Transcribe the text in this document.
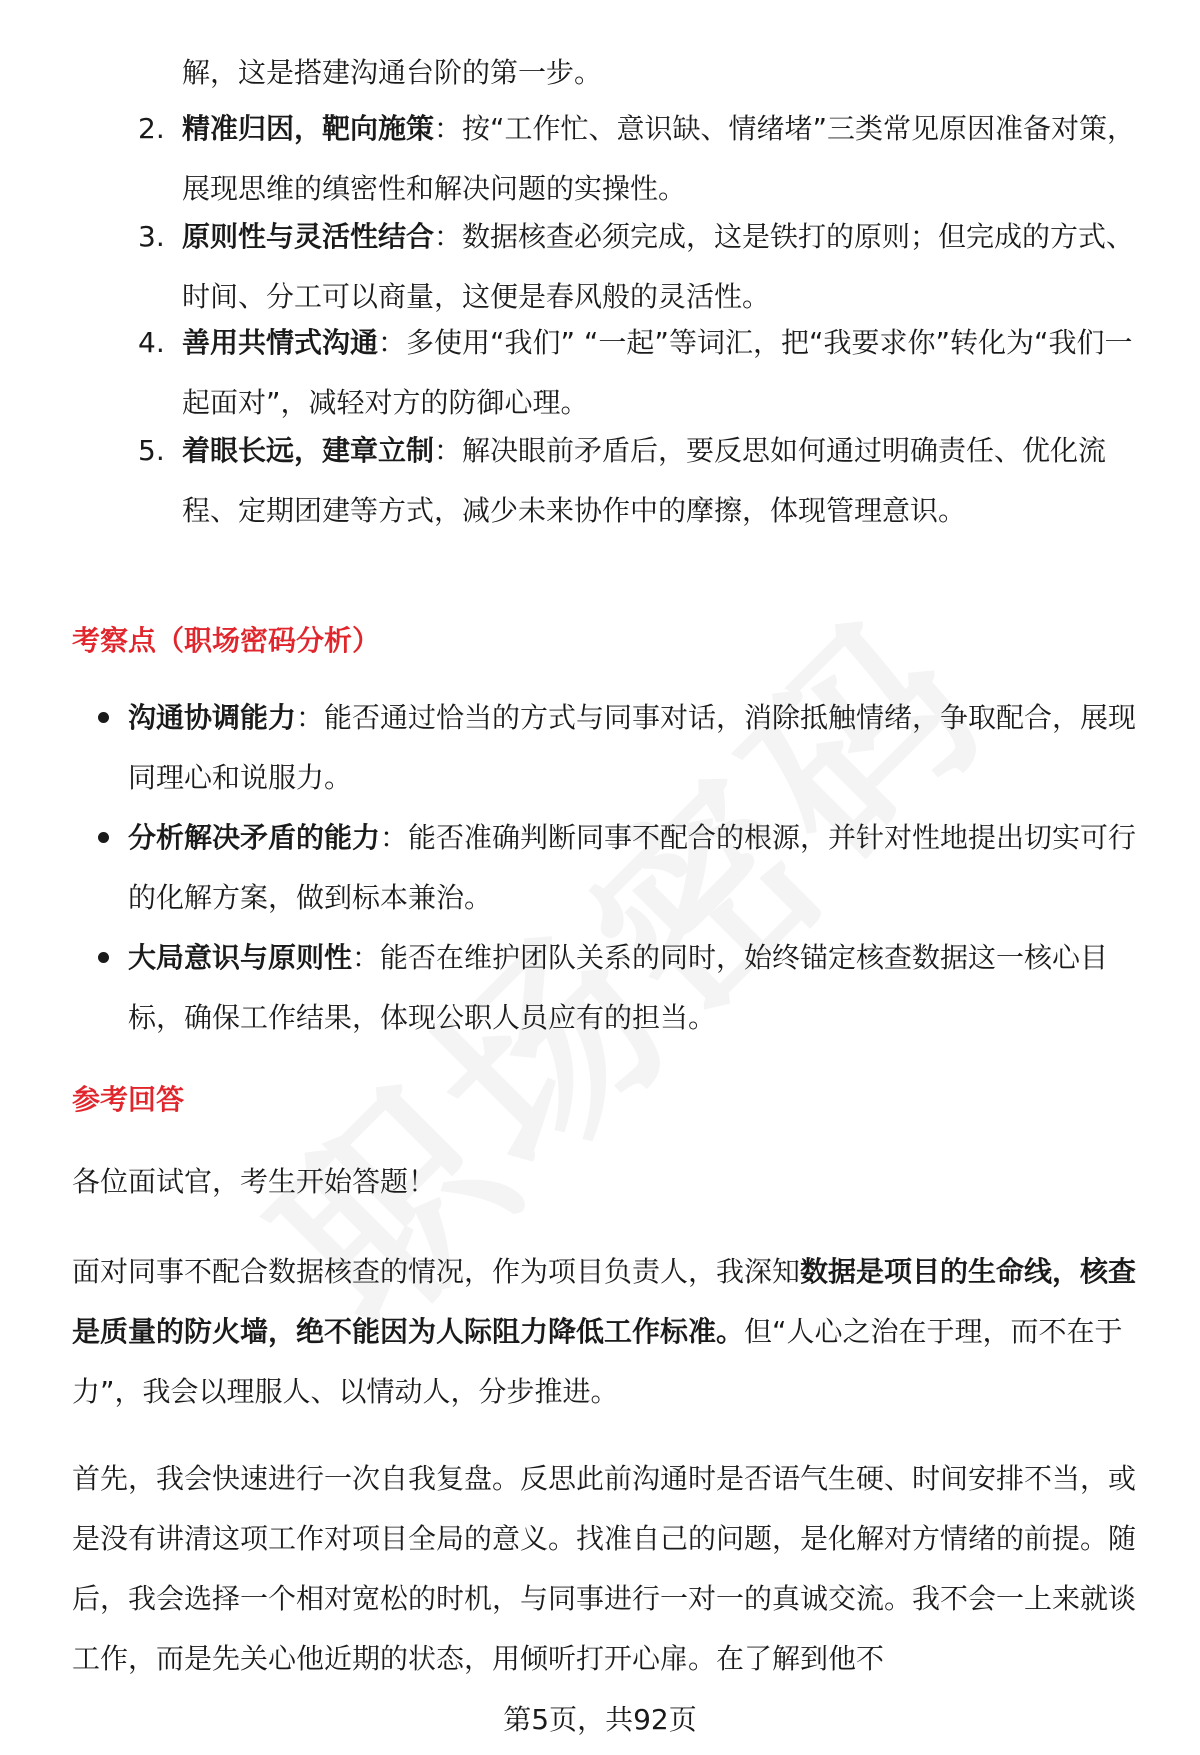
解，这是搭建沟通台阶的第一步。
2. 精准归因，靶向施策：按“工作忙、意识缺、情绪堵”三类常见原因准备对策，展现思维的缜密性和解决问题的实操性。
3. 原则性与灵活性结合：数据核查必须完成，这是铁打的原则；但完成的方式、时间、分工可以商量，这便是春风般的灵活性。
4. 善用共情式沟通：多使用“我们” “一起”等词汇，把“我要求你”转化为“我们一起面对”，减轻对方的防御心理。
5. 着眼长远，建章立制：解决眼前矛盾后，要反思如何通过明确责任、优化流程、定期团建等方式，减少未来协作中的摩擦，体现管理意识。
考察点（职场密码分析）
沟通协调能力：能否通过恰当的方式与同事对话，消除抵触情绪，争取配合，展现同理心和说服力。
分析解决矛盾的能力：能否准确判断同事不配合的根源，并针对性地提出切实可行的化解方案，做到标本兼治。
大局意识与原则性：能否在维护团队关系的同时，始终锚定核查数据这一核心目标，确保工作结果，体现公职人员应有的担当。
参考回答
各位面试官，考生开始答题！
面对同事不配合数据核查的情况，作为项目负责人，我深知数据是项目的生命线，核查是质量的防火墙，绝不能因为人际阻力降低工作标准。但“人心之治在于理，而不在于力”，我会以理服人、以情动人，分步推进。
首先，我会快速进行一次自我复盘。反思此前沟通时是否语气生硬、时间安排不当，或是没有讲清这项工作对项目全局的意义。找准自己的问题，是化解对方情绪的前提。随后，我会选择一个相对宽松的时机，与同事进行一对一的真诚交流。我不会一上来就谈工作，而是先关心他近期的状态，用倾听打开心扉。在了解到他不
第5页，共92页
